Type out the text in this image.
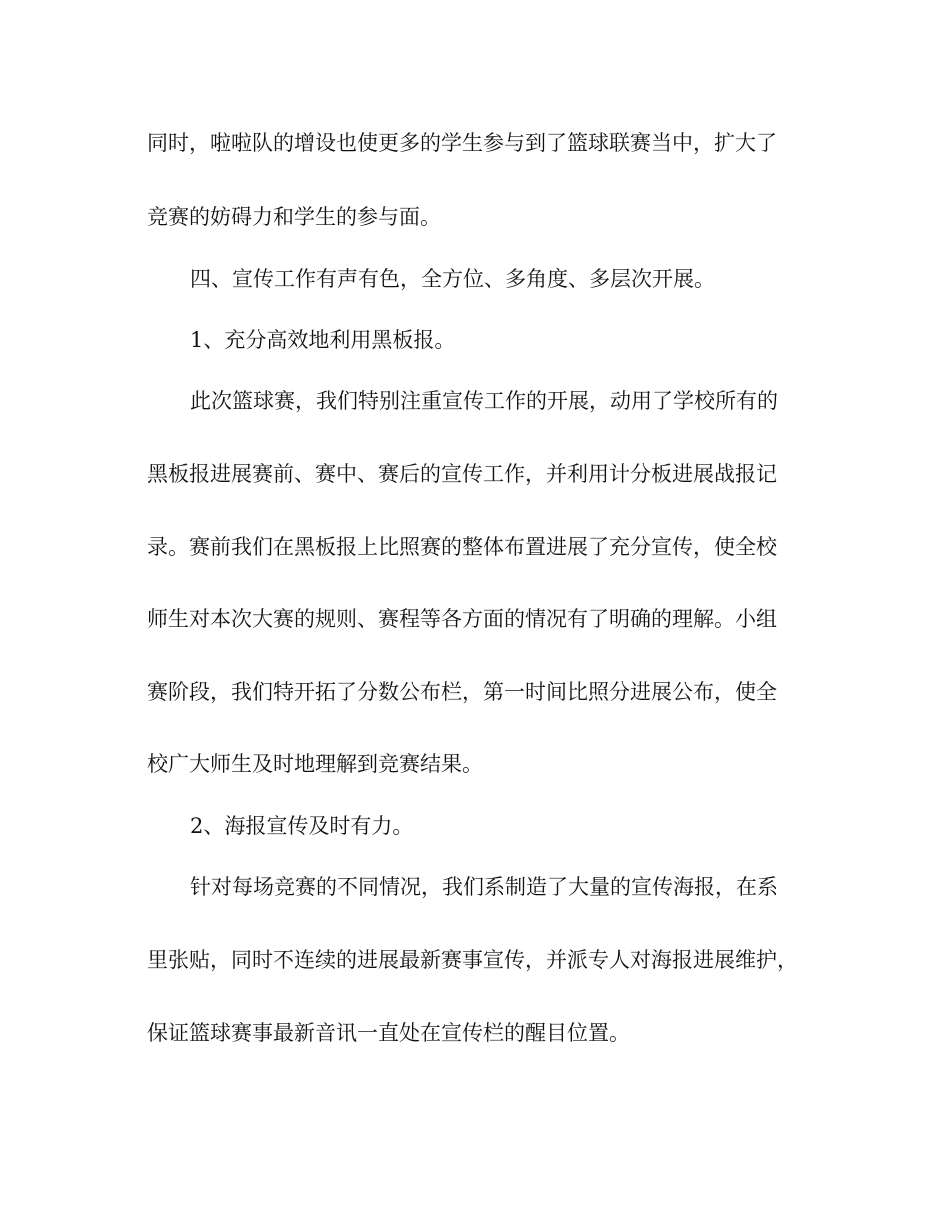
同时，啦啦队的增设也使更多的学生参与到了篮球联赛当中，扩大了
竞赛的妨碍力和学生的参与面。
四、宣传工作有声有色，全方位、多角度、多层次开展。
1、充分高效地利用黑板报。
此次篮球赛，我们特别注重宣传工作的开展，动用了学校所有的
黑板报进展赛前、赛中、赛后的宣传工作，并利用计分板进展战报记
录。赛前我们在黑板报上比照赛的整体布置进展了充分宣传，使全校
师生对本次大赛的规则、赛程等各方面的情况有了明确的理解。小组
赛阶段，我们特开拓了分数公布栏，第一时间比照分进展公布，使全
校广大师生及时地理解到竞赛结果。
2、海报宣传及时有力。
针对每场竞赛的不同情况，我们系制造了大量的宣传海报，在系
里张贴，同时不连续的进展最新赛事宣传，并派专人对海报进展维护，
保证篮球赛事最新音讯一直处在宣传栏的醒目位置。
